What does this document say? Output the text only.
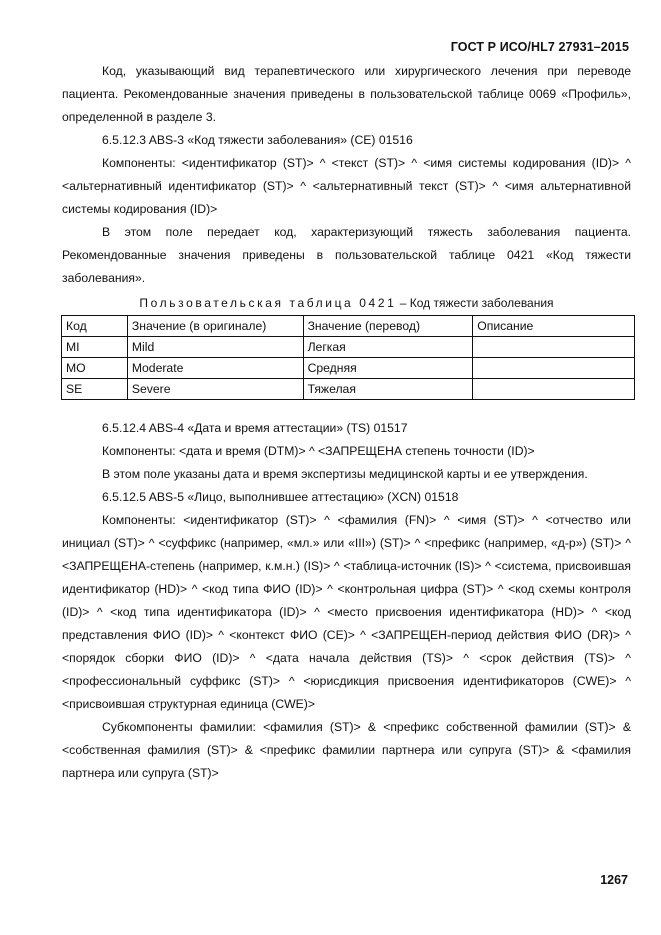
ГОСТ Р ИСО/HL7 27931–2015

Код, указывающий вид терапевтического или хирургического лечения при переводе пациента. Рекомендованные значения приведены в пользовательской таблице 0069 «Профиль», определенной в разделе 3.

6.5.12.3 ABS-3 «Код тяжести заболевания» (CE) 01516

Компоненты: <идентификатор (ST)> ^ <текст (ST)> ^ <имя системы кодирования (ID)> ^ <альтернативный идентификатор (ST)> ^ <альтернативный текст (ST)> ^ <имя альтернативной системы кодирования (ID)>

В этом поле передает код, характеризующий тяжесть заболевания пациента. Рекомендованные значения приведены в пользовательской таблице 0421 «Код тяжести заболевания».

Пользовательская таблица 0421 – Код тяжести заболевания
Код	Значение (в оригинале)	Значение (перевод)	Описание
MI	Mild	Легкая	
MO	Moderate	Средняя	
SE	Severe	Тяжелая	

6.5.12.4 ABS-4 «Дата и время аттестации» (TS) 01517

Компоненты: <дата и время (DTM)> ^ <ЗАПРЕЩЕНА степень точности (ID)>

В этом поле указаны дата и время экспертизы медицинской карты и ее утверждения.

6.5.12.5 ABS-5 «Лицо, выполнившее аттестацию» (XCN) 01518

Компоненты: <идентификатор (ST)> ^ <фамилия (FN)> ^ <имя (ST)> ^ <отчество или инициал (ST)> ^ <суффикс (например, «мл.» или «III») (ST)> ^ <префикс (например, «д-р») (ST)> ^ <ЗАПРЕЩЕНА-степень (например, к.м.н.) (IS)> ^ <таблица-источник (IS)> ^ <система, присвоившая идентификатор (HD)> ^ <код типа ФИО (ID)> ^ <контрольная цифра (ST)> ^ <код схемы контроля (ID)> ^ <код типа идентификатора (ID)> ^ <место присвоения идентификатора (HD)> ^ <код представления ФИО (ID)> ^ <контекст ФИО (CE)> ^ <ЗАПРЕЩЕН-период действия ФИО (DR)> ^ <порядок сборки ФИО (ID)> ^ <дата начала действия (TS)> ^ <срок действия (TS)> ^ <профессиональный суффикс (ST)> ^ <юрисдикция присвоения идентификаторов (CWE)> ^ <присвоившая структурная единица (CWE)>

Субкомпоненты фамилии: <фамилия (ST)> & <префикс собственной фамилии (ST)> & <собственная фамилия (ST)> & <префикс фамилии партнера или супруга (ST)> & <фамилия партнера или супруга (ST)>

1267
